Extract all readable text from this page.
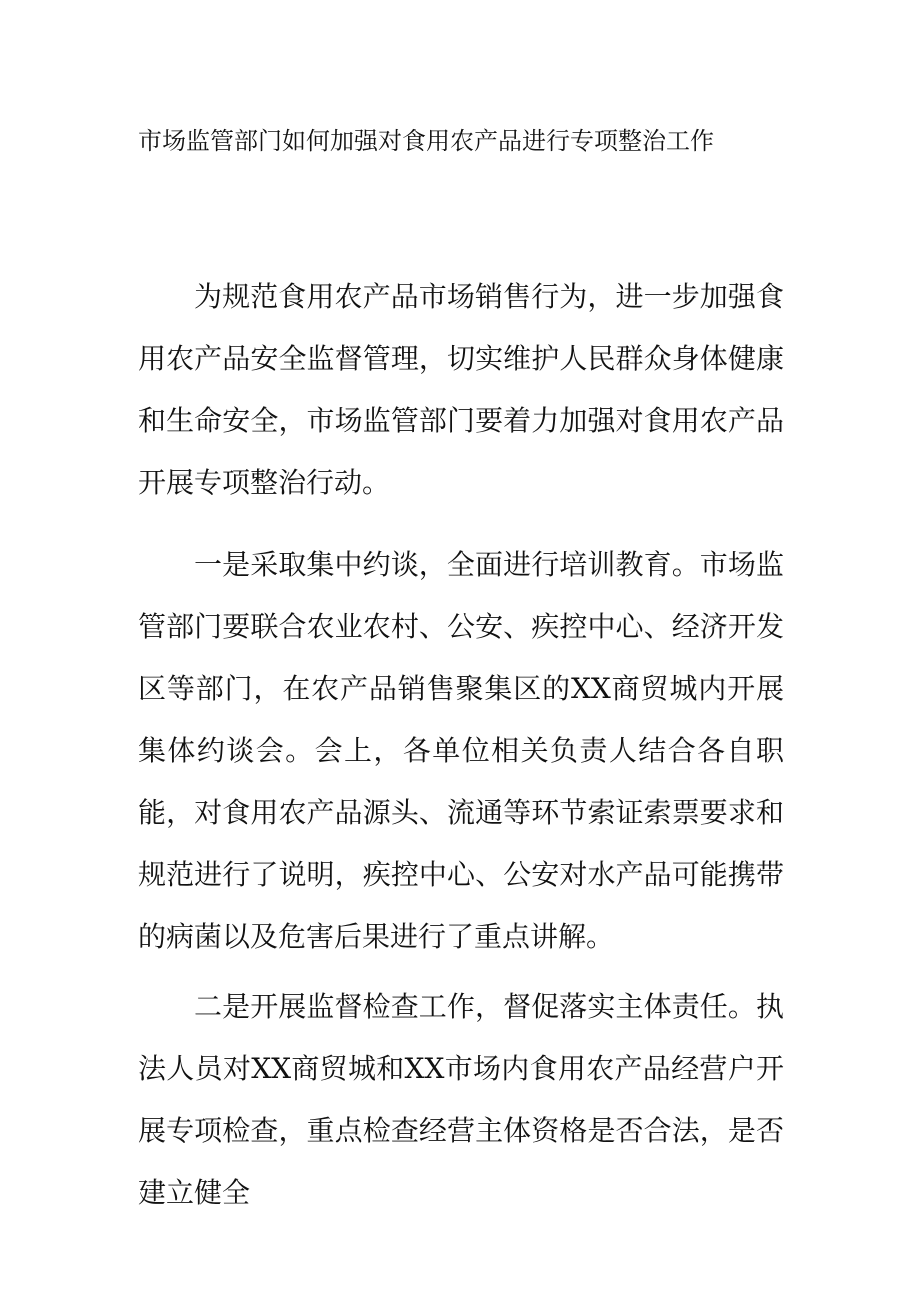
市场监管部门如何加强对食用农产品进行专项整治工作

为规范食用农产品市场销售行为，进一步加强食用农产品安全监督管理，切实维护人民群众身体健康和生命安全，市场监管部门要着力加强对食用农产品开展专项整治行动。

一是采取集中约谈，全面进行培训教育。市场监管部门要联合农业农村、公安、疾控中心、经济开发区等部门，在农产品销售聚集区的XX商贸城内开展集体约谈会。会上，各单位相关负责人结合各自职能，对食用农产品源头、流通等环节索证索票要求和规范进行了说明，疾控中心、公安对水产品可能携带的病菌以及危害后果进行了重点讲解。

二是开展监督检查工作，督促落实主体责任。执法人员对XX商贸城和XX市场内食用农产品经营户开展专项检查，重点检查经营主体资格是否合法，是否建立健全
